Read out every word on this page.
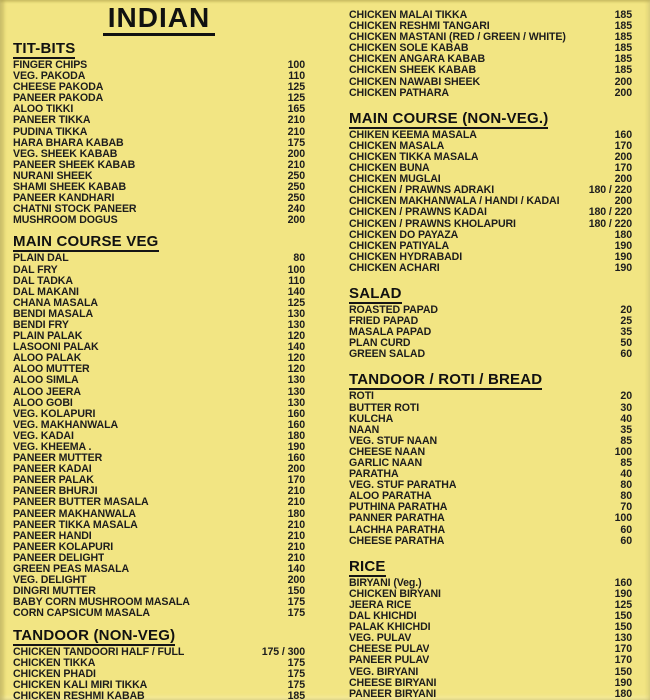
INDIAN
TIT-BITS
FINGER CHIPS	100
VEG. PAKODA	110
CHEESE PAKODA	125
PANEER PAKODA	125
ALOO TIKKI	165
PANEER TIKKA	210
PUDINA TIKKA	210
HARA BHARA KABAB	175
VEG. SHEEK KABAB	200
PANEER SHEEK KABAB	210
NURANI SHEEK	250
SHAMI SHEEK KABAB	250
PANEER KANDHARI	250
CHATNI STOCK PANEER	240
MUSHROOM DOGUS	200
MAIN COURSE VEG
PLAIN DAL	80
DAL FRY	100
DAL TADKA	110
DAL MAKANI	140
CHANA MASALA	125
BENDI MASALA	130
BENDI FRY	130
PLAIN PALAK	120
LASOONI PALAK	140
ALOO PALAK	120
ALOO MUTTER	120
ALOO SIMLA	130
ALOO JEERA	130
ALOO GOBI	130
VEG. KOLAPURI	160
VEG. MAKHANWALA	160
VEG. KADAI	180
VEG. KHEEMA .	190
PANEER MUTTER	160
PANEER KADAI	200
PANEER PALAK	170
PANEER BHURJI	210
PANEER BUTTER MASALA	210
PANEER MAKHANWALA	180
PANEER TIKKA MASALA	210
PANEER HANDI	210
PANEER KOLAPURI	210
PANEER DELIGHT	210
GREEN PEAS MASALA	140
VEG. DELIGHT	200
DINGRI MUTTER	150
BABY CORN MUSHROOM MASALA	175
CORN CAPSICUM MASALA	175
TANDOOR (NON-VEG)
CHICKEN TANDOORI HALF / FULL	175 / 300
CHICKEN TIKKA	175
CHICKEN PHADI	175
CHICKEN KALI MIRI TIKKA	175
CHICKEN RESHMI KABAB	185
CHICKEN MALAI TIKKA	185
CHICKEN RESHMI TANGARI	185
CHICKEN MASTANI (RED / GREEN / WHITE)	185
CHICKEN SOLE KABAB	185
CHICKEN ANGARA KABAB	185
CHICKEN SHEEK KABAB	185
CHICKEN NAWABI SHEEK	200
CHICKEN PATHARA	200
MAIN COURSE (NON-VEG.)
CHIKEN KEEMA MASALA	160
CHICKEN MASALA	170
CHICKEN TIKKA MASALA	200
CHICKEN BUNA	170
CHICKEN MUGLAI	200
CHICKEN / PRAWNS ADRAKI	180 / 220
CHICKEN MAKHANWALA / HANDI / KADAI	200
CHICKEN / PRAWNS KADAI	180 / 220
CHICKEN / PRAWNS KHOLAPURI	180 / 220
CHICKEN DO PAYAZA	180
CHICKEN PATIYALA	190
CHICKEN HYDRABADI	190
CHICKEN ACHARI	190
SALAD
ROASTED PAPAD	20
FRIED PAPAD	25
MASALA PAPAD	35
PLAN CURD	50
GREEN SALAD	60
TANDOOR / ROTI / BREAD
ROTI	20
BUTTER ROTI	30
KULCHA	40
NAAN	35
VEG. STUF NAAN	85
CHEESE NAAN	100
GARLIC NAAN	85
PARATHA	40
VEG. STUF PARATHA	80
ALOO PARATHA	80
PUTHINA PARATHA	70
PANNER PARATHA	100
LACHHA PARATHA	60
CHEESE PARATHA	60
RICE
BIRYANI (Veg.)	160
CHICKEN BIRYANI	190
JEERA RICE	125
DAL KHICHDI	150
PALAK KHICHDI	150
VEG. PULAV	130
CHEESE PULAV	170
PANEER PULAV	170
VEG. BIRYANI	150
CHEESE BIRYANI	190
PANEER BIRYANI	180
